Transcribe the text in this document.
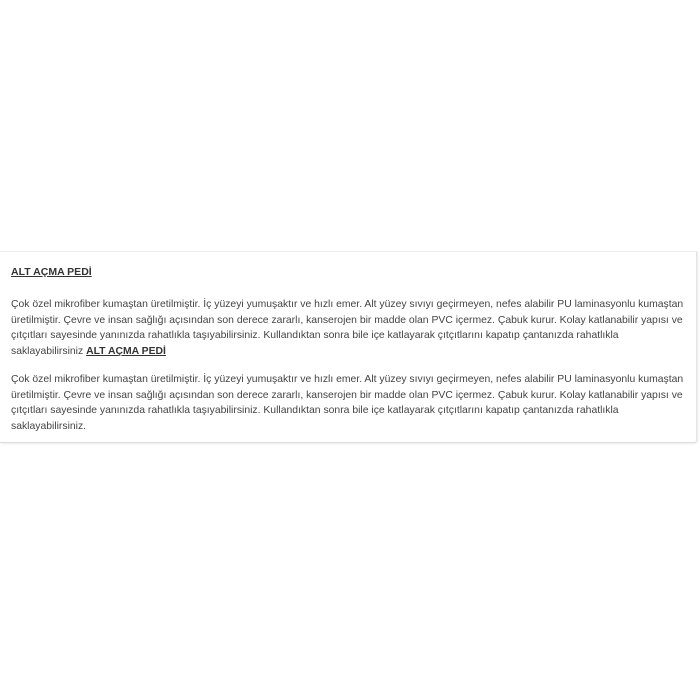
ALT AÇMA PEDİ

Çok özel mikrofiber kumaştan üretilmiştir. İç yüzeyi yumuşaktır ve hızlı emer. Alt yüzey sıvıyı geçirmeyen, nefes alabilir PU laminasyonlu kumaştan üretilmiştir. Çevre ve insan sağlığı açısından son derece zararlı, kanserojen bir madde olan PVC içermez. Çabuk kurur. Kolay katlanabilir yapısı ve çıtçıtları sayesinde yanınızda rahatlıkla taşıyabilirsiniz. Kullandıktan sonra bile içe katlayarak çıtçıtlarını kapatıp çantanızda rahatlıkla saklayabilirsiniz ALT AÇMA PEDİ

Çok özel mikrofiber kumaştan üretilmiştir. İç yüzeyi yumuşaktır ve hızlı emer. Alt yüzey sıvıyı geçirmeyen, nefes alabilir PU laminasyonlu kumaştan üretilmiştir. Çevre ve insan sağlığı açısından son derece zararlı, kanserojen bir madde olan PVC içermez. Çabuk kurur. Kolay katlanabilir yapısı ve çıtçıtları sayesinde yanınızda rahatlıkla taşıyabilirsiniz. Kullandıktan sonra bile içe katlayarak çıtçıtlarını kapatıp çantanızda rahatlıkla saklayabilirsiniz.
